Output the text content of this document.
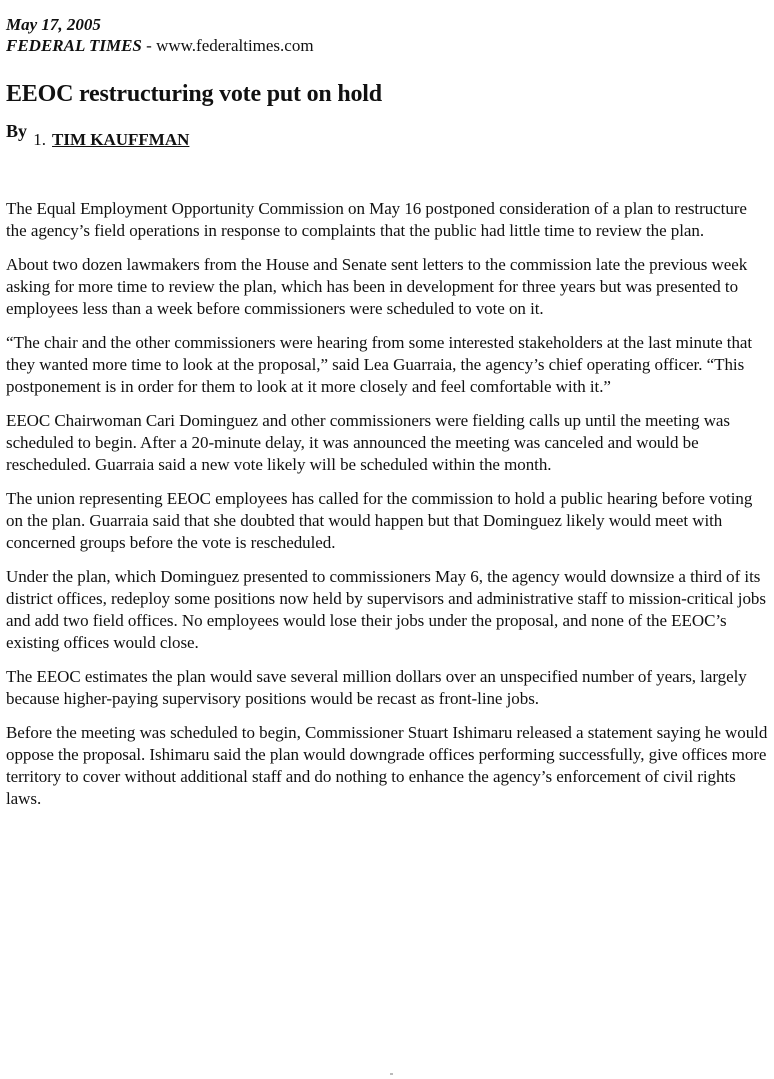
May 17, 2005

FEDERAL TIMES - www.federaltimes.com

EEOC restructuring vote put on hold

By 1. TIM KAUFFMAN

The Equal Employment Opportunity Commission on May 16 postponed consideration of a plan to restructure the agency’s field operations in response to complaints that the public had little time to review the plan.

About two dozen lawmakers from the House and Senate sent letters to the commission late the previous week asking for more time to review the plan, which has been in development for three years but was presented to employees less than a week before commissioners were scheduled to vote on it.

“The chair and the other commissioners were hearing from some interested stakeholders at the last minute that they wanted more time to look at the proposal,” said Lea Guarraia, the agency’s chief operating officer. “This postponement is in order for them to look at it more closely and feel comfortable with it.”

EEOC Chairwoman Cari Dominguez and other commissioners were fielding calls up until the meeting was scheduled to begin. After a 20-minute delay, it was announced the meeting was canceled and would be rescheduled. Guarraia said a new vote likely will be scheduled within the month.

The union representing EEOC employees has called for the commission to hold a public hearing before voting on the plan. Guarraia said that she doubted that would happen but that Dominguez likely would meet with concerned groups before the vote is rescheduled.

Under the plan, which Dominguez presented to commissioners May 6, the agency would downsize a third of its district offices, redeploy some positions now held by supervisors and administrative staff to mission-critical jobs and add two field offices. No employees would lose their jobs under the proposal, and none of the EEOC’s existing offices would close.

The EEOC estimates the plan would save several million dollars over an unspecified number of years, largely because higher-paying supervisory positions would be recast as front-line jobs.

Before the meeting was scheduled to begin, Commissioner Stuart Ishimaru released a statement saying he would oppose the proposal. Ishimaru said the plan would downgrade offices performing successfully, give offices more territory to cover without additional staff and do nothing to enhance the agency’s enforcement of civil rights laws.
